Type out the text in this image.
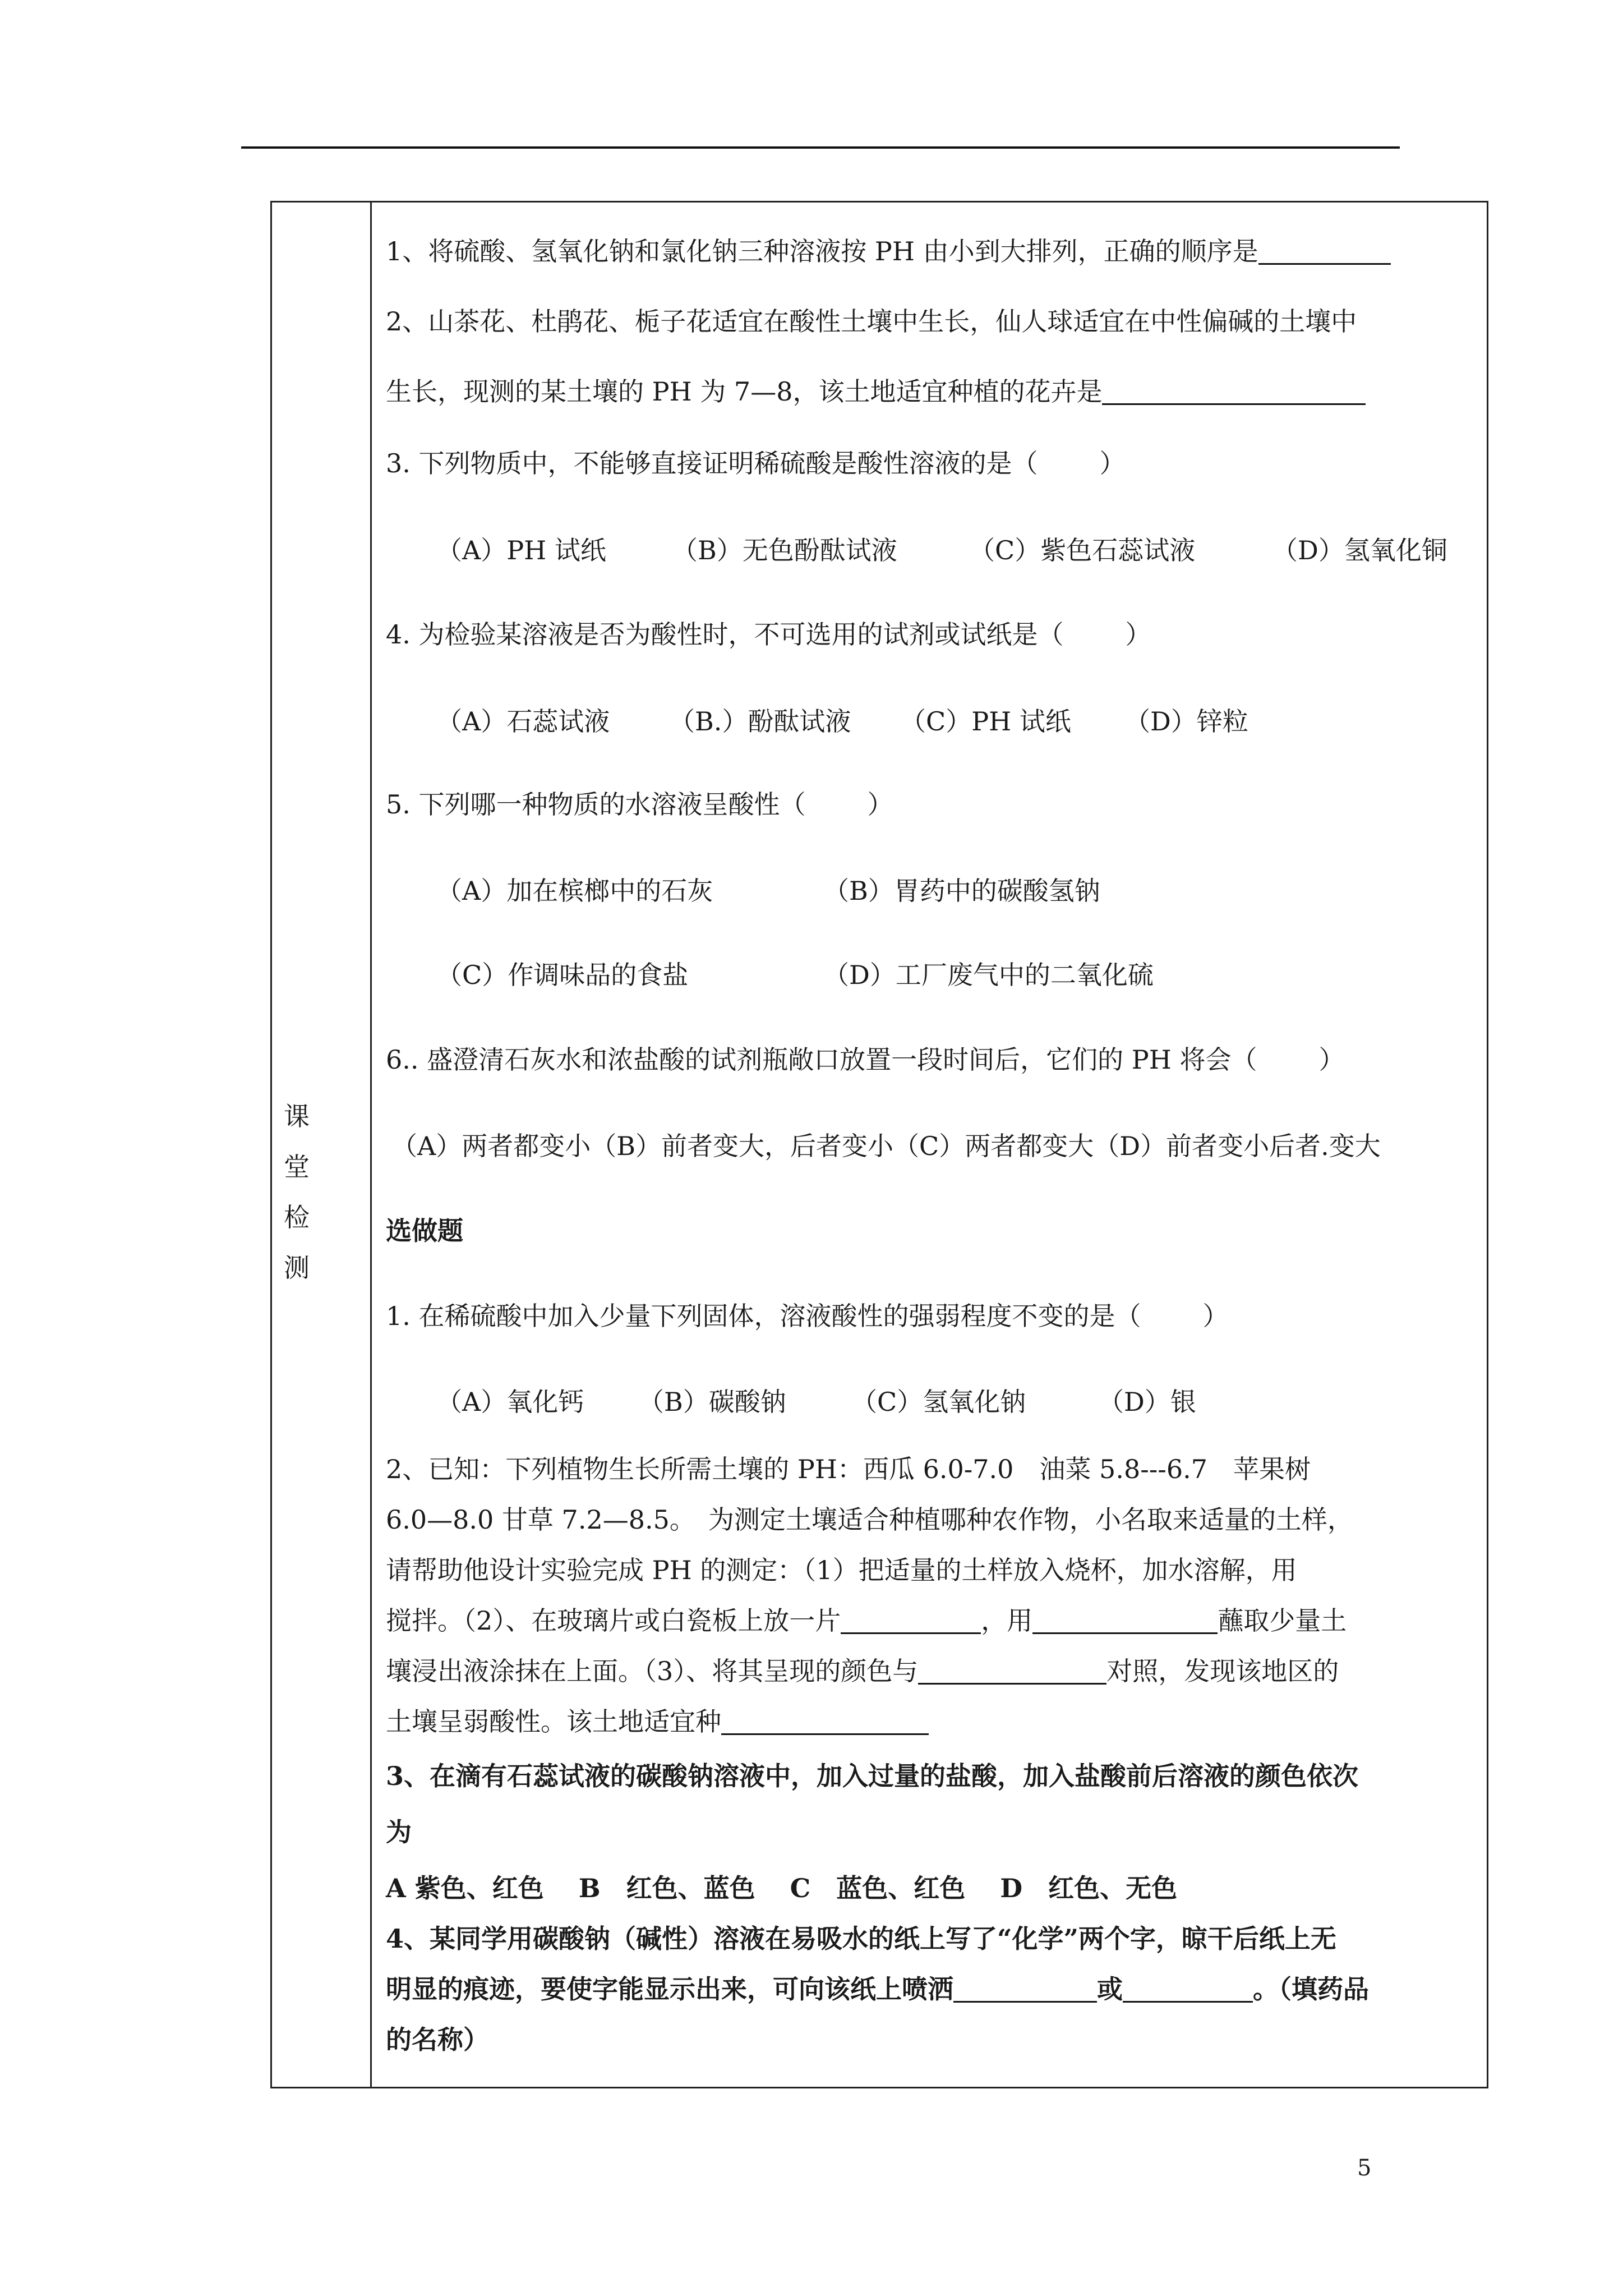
课 堂 检测
1、将硫酸、氢氧化钠和氯化钠三种溶液按 PH 由小到大排列，正确的顺序是
2、山茶花、杜鹃花、栀子花适宜在酸性土壤中生长，仙人球适宜在中性偏碱的土壤中
生长，现测的某土壤的 PH 为 7—8，该土地适宜种植的花卉是
3. 下列物质中，不能够直接证明稀硫酸是酸性溶液的是（ ）
（A）PH 试纸	（B）无色酚酞试液	（C）紫色石蕊试液	（D）氢氧化铜
4. 为检验某溶液是否为酸性时，不可选用的试剂或试纸是（ ）
（A）石蕊试液 （B.）酚酞试液 （C）PH 试纸 （D）锌粒
5. 下列哪一种物质的水溶液呈酸性（ ）
（A）加在槟榔中的石灰	（B）胃药中的碳酸氢钠
（C）作调味品的食盐	（D）工厂废气中的二氧化硫
6.. 盛澄清石灰水和浓盐酸的试剂瓶敞口放置一段时间后，它们的 PH 将会（ ）
（A）两者都变小（B）前者变大，后者变小（C）两者都变大（D）前者变小后者.变大
选做题
1. 在稀硫酸中加入少量下列固体，溶液酸性的强弱程度不变的是（ ）
（A）氧化钙 （B）碳酸钠	（C）氢氧化钠	（D）银
2、已知：下列植物生长所需土壤的 PH：西瓜 6.0-7.0　油菜 5.8---6.7　苹果树
6.0—8.0 甘草 7.2—8.5。　为测定土壤适合种植哪种农作物，小名取来适量的土样，
请帮助他设计实验完成 PH 的测定：（1）把适量的土样放入烧杯，加水溶解，用
搅拌。（2）、在玻璃片或白瓷板上放一片	，用	蘸取少量土
壤浸出液涂抹在上面。（3）、将其呈现的颜色与	对照，发现该地区的
土壤呈弱酸性。该土地适宜种
3、在滴有石蕊试液的碳酸钠溶液中，加入过量的盐酸，加入盐酸前后溶液的颜色依次
为
A 紫色、红色　 B　红色、蓝色　 C　蓝色、红色　 D　红色、无色
4、某同学用碳酸钠（碱性）溶液在易吸水的纸上写了“化学”两个字，晾干后纸上无
明显的痕迹，要使字能显示出来，可向该纸上喷洒	或	。（填药品
的名称）
5
